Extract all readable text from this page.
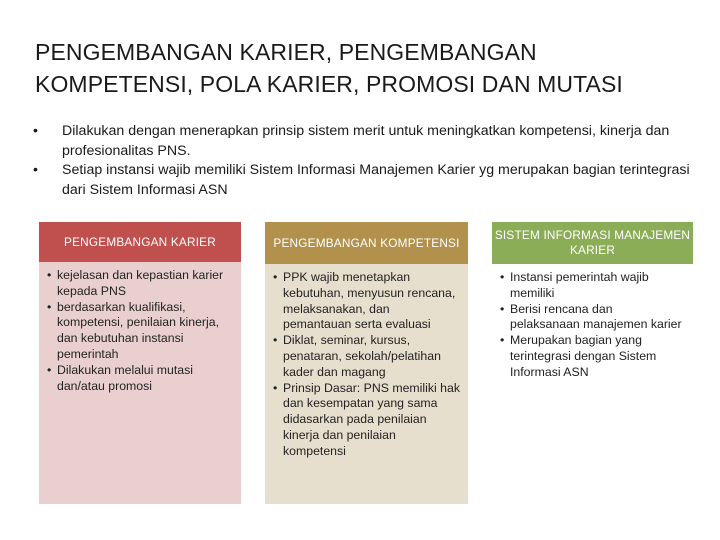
PENGEMBANGAN KARIER, PENGEMBANGAN KOMPETENSI, POLA KARIER, PROMOSI DAN MUTASI
• Dilakukan dengan menerapkan prinsip sistem merit untuk meningkatkan kompetensi, kinerja dan profesionalitas PNS.
• Setiap instansi wajib memiliki Sistem Informasi Manajemen Karier yg merupakan bagian terintegrasi dari Sistem Informasi ASN
PENGEMBANGAN KARIER
• kejelasan dan kepastian karier kepada PNS
• berdasarkan kualifikasi, kompetensi, penilaian kinerja, dan kebutuhan instansi pemerintah
• Dilakukan melalui mutasi dan/atau promosi
PENGEMBANGAN KOMPETENSI
• PPK wajib menetapkan kebutuhan, menyusun rencana, melaksanakan, dan pemantauan serta evaluasi
• Diklat, seminar, kursus, penataran, sekolah/pelatihan kader dan magang
• Prinsip Dasar: PNS memiliki hak dan kesempatan yang sama didasarkan pada penilaian kinerja dan penilaian kompetensi
SISTEM INFORMASI MANAJEMEN KARIER
• Instansi pemerintah wajib memiliki
• Berisi rencana dan pelaksanaan manajemen karier
• Merupakan bagian yang terintegrasi dengan Sistem Informasi ASN
